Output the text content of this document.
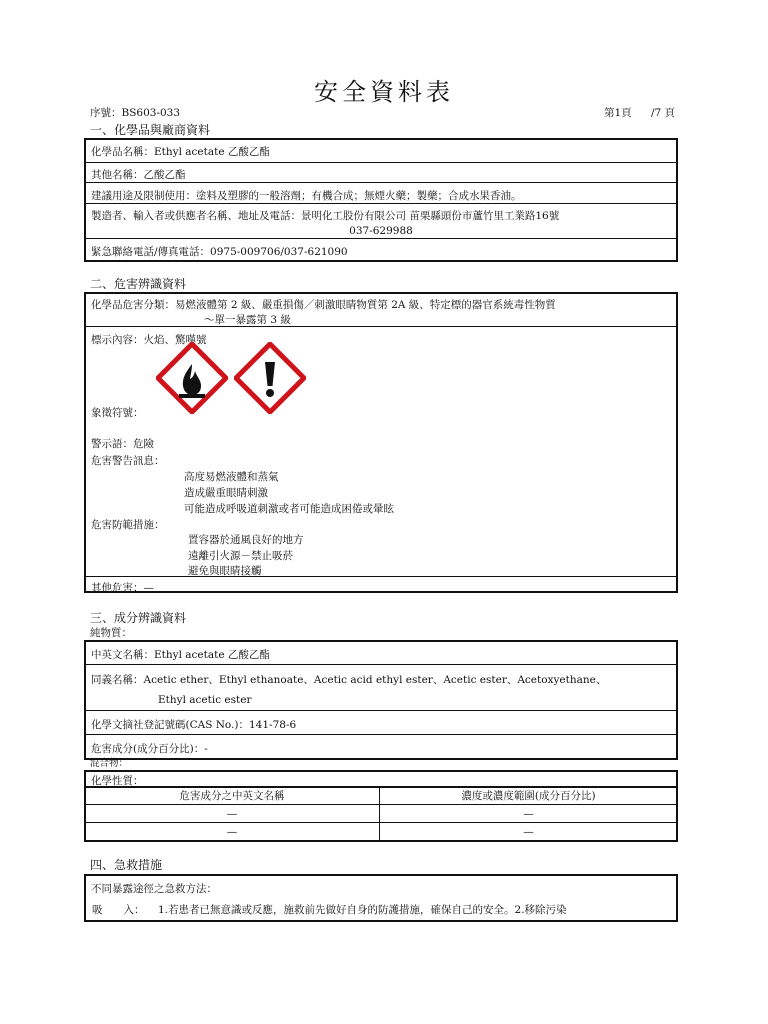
安全資料表
序號：BS603-033	第1頁 /7 頁
一、化學品與廠商資料
化學品名稱：Ethyl acetate 乙酸乙酯
其他名稱：乙酸乙酯
建議用途及限制使用：塗料及塑膠的一般溶劑；有機合成；無煙火藥；製藥；合成水果香油。
製造者、輸入者或供應者名稱、地址及電話：景明化工股份有限公司 苗栗縣頭份市蘆竹里工業路16號
037-629988
緊急聯絡電話/傳真電話：0975-009706/037-621090
二、危害辨識資料
化學品危害分類：易燃液體第 2 級、嚴重損傷／刺激眼睛物質第 2A 級、特定標的器官系統毒性物質
～單一暴露第 3 級
標示內容：火焰、驚嘆號
象徵符號：
警示語：危險
危害警告訊息：
高度易燃液體和蒸氣
造成嚴重眼睛刺激
可能造成呼吸道刺激或者可能造成困倦或暈眩
危害防範措施：
置容器於通風良好的地方
遠離引火源－禁止吸菸
避免與眼睛接觸
其他危害：—
三、成分辨識資料
純物質：
中英文名稱：Ethyl acetate 乙酸乙酯
同義名稱：Acetic ether、Ethyl ethanoate、Acetic acid ethyl ester、Acetic ester、Acetoxyethane、
Ethyl acetic ester
化學文摘社登記號碼(CAS No.)：141-78-6
危害成分(成分百分比)：-
混合物：
化學性質：
危害成分之中英文名稱	濃度或濃度範圍(成分百分比)
—	—
—	—
四、急救措施
不同暴露途徑之急救方法：
吸　　入： 1.若患者已無意識或反應，施救前先做好自身的防護措施，確保自己的安全。2.移除污染
